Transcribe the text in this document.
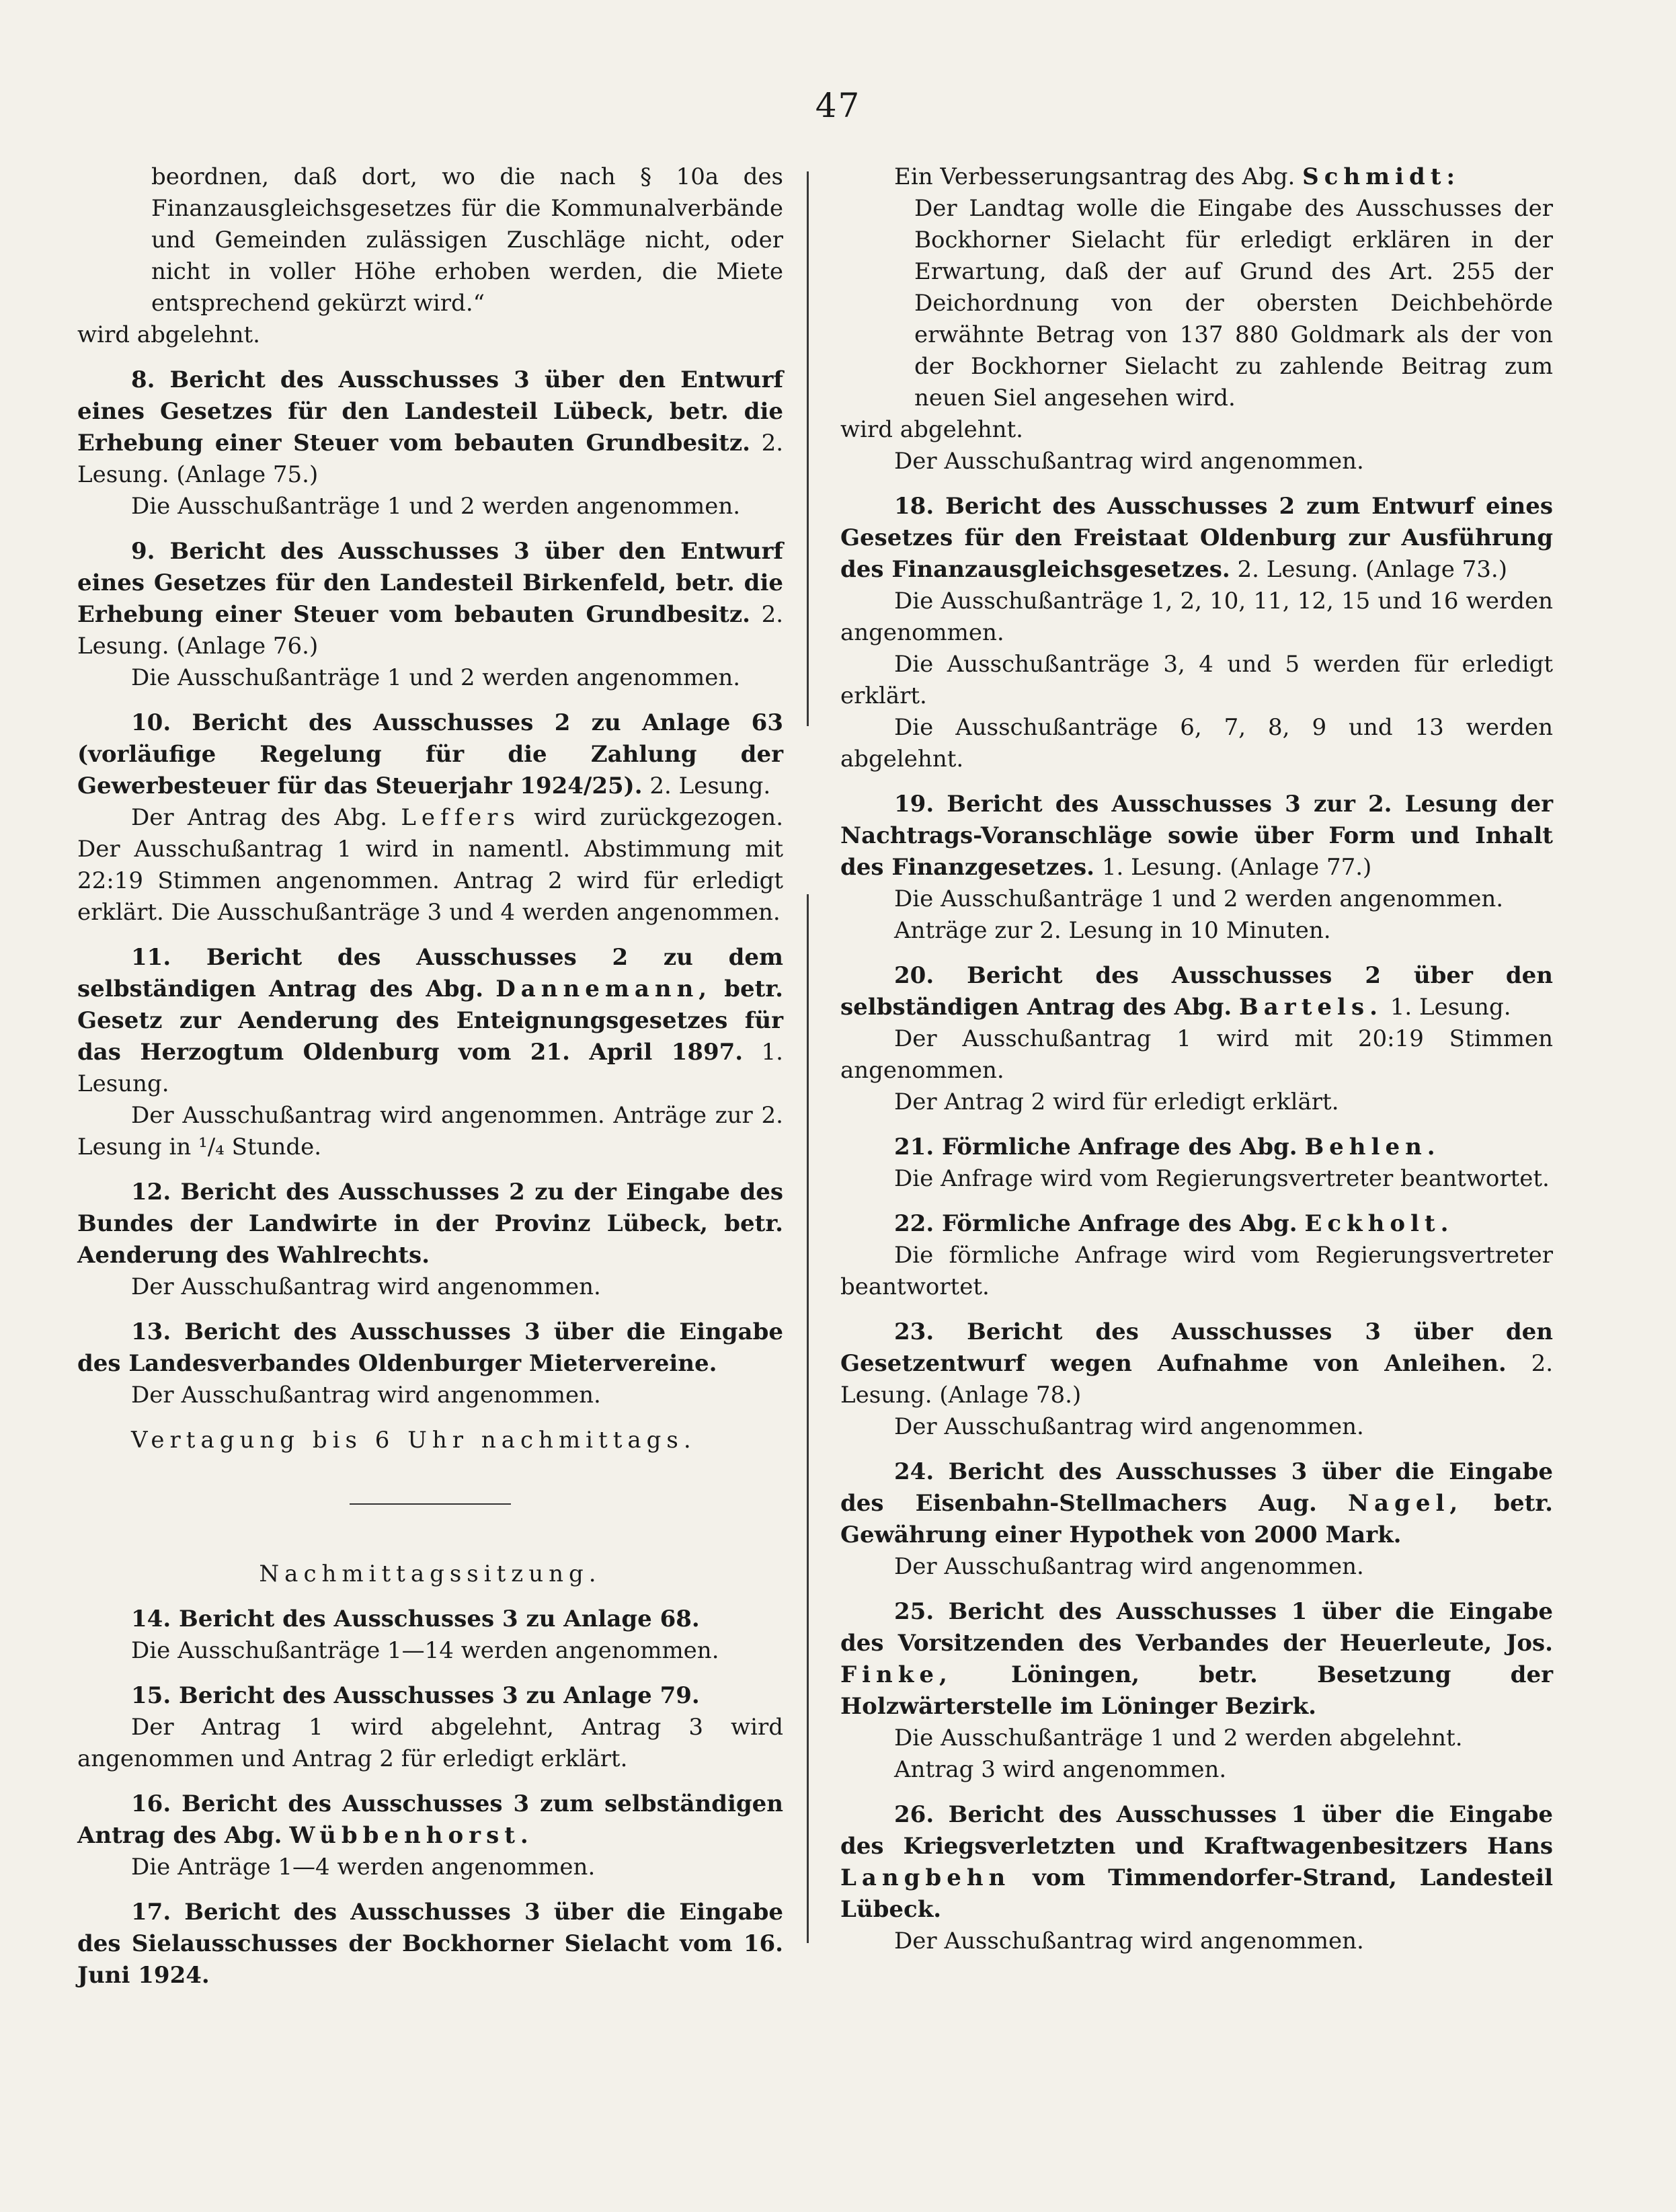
47

beordnen, daß dort, wo die nach § 10a des Finanzausgleichsgesetzes für die Kommunalverbände und Gemeinden zulässigen Zuschläge nicht, oder nicht in voller Höhe erhoben werden, die Miete entsprechend gekürzt wird.“

wird abgelehnt.

8. Bericht des Ausschusses 3 über den Entwurf eines Gesetzes für den Landesteil Lübeck, betr. die Erhebung einer Steuer vom bebauten Grundbesitz. 2. Lesung. (Anlage 75.)

Die Ausschußanträge 1 und 2 werden angenommen.

9. Bericht des Ausschusses 3 über den Entwurf eines Gesetzes für den Landesteil Birkenfeld, betr. die Erhebung einer Steuer vom bebauten Grundbesitz. 2. Lesung. (Anlage 76.)

Die Ausschußanträge 1 und 2 werden angenommen.

10. Bericht des Ausschusses 2 zu Anlage 63 (vorläufige Regelung für die Zahlung der Gewerbesteuer für das Steuerjahr 1924/25). 2. Lesung.

Der Antrag des Abg. Leffers wird zurückgezogen. Der Ausschußantrag 1 wird in namentl. Abstimmung mit 22:19 Stimmen angenommen. Antrag 2 wird für erledigt erklärt. Die Ausschußanträge 3 und 4 werden angenommen.

11. Bericht des Ausschusses 2 zu dem selbständigen Antrag des Abg. Dannemann, betr. Gesetz zur Aenderung des Enteignungsgesetzes für das Herzogtum Oldenburg vom 21. April 1897. 1. Lesung.

Der Ausschußantrag wird angenommen. Anträge zur 2. Lesung in ¹/₄ Stunde.

12. Bericht des Ausschusses 2 zu der Eingabe des Bundes der Landwirte in der Provinz Lübeck, betr. Aenderung des Wahlrechts.

Der Ausschußantrag wird angenommen.

13. Bericht des Ausschusses 3 über die Eingabe des Landesverbandes Oldenburger Mietervereine.

Der Ausschußantrag wird angenommen.

Vertagung bis 6 Uhr nachmittags.

Nachmittagssitzung.

14. Bericht des Ausschusses 3 zu Anlage 68.

Die Ausschußanträge 1—14 werden angenommen.

15. Bericht des Ausschusses 3 zu Anlage 79.

Der Antrag 1 wird abgelehnt, Antrag 3 wird angenommen und Antrag 2 für erledigt erklärt.

16. Bericht des Ausschusses 3 zum selbständigen Antrag des Abg. Wübbenhorst.

Die Anträge 1—4 werden angenommen.

17. Bericht des Ausschusses 3 über die Eingabe des Sielausschusses der Bockhorner Sielacht vom 16. Juni 1924.

Ein Verbesserungsantrag des Abg. Schmidt:

Der Landtag wolle die Eingabe des Ausschusses der Bockhorner Sielacht für erledigt erklären in der Erwartung, daß der auf Grund des Art. 255 der Deichordnung von der obersten Deichbehörde erwähnte Betrag von 137 880 Goldmark als der von der Bockhorner Sielacht zu zahlende Beitrag zum neuen Siel angesehen wird.

wird abgelehnt.

Der Ausschußantrag wird angenommen.

18. Bericht des Ausschusses 2 zum Entwurf eines Gesetzes für den Freistaat Oldenburg zur Ausführung des Finanzausgleichsgesetzes. 2. Lesung. (Anlage 73.)

Die Ausschußanträge 1, 2, 10, 11, 12, 15 und 16 werden angenommen.

Die Ausschußanträge 3, 4 und 5 werden für erledigt erklärt.

Die Ausschußanträge 6, 7, 8, 9 und 13 werden abgelehnt.

19. Bericht des Ausschusses 3 zur 2. Lesung der Nachtrags-Voranschläge sowie über Form und Inhalt des Finanzgesetzes. 1. Lesung. (Anlage 77.)

Die Ausschußanträge 1 und 2 werden angenommen.

Anträge zur 2. Lesung in 10 Minuten.

20. Bericht des Ausschusses 2 über den selbständigen Antrag des Abg. Bartels. 1. Lesung.

Der Ausschußantrag 1 wird mit 20:19 Stimmen angenommen.

Der Antrag 2 wird für erledigt erklärt.

21. Förmliche Anfrage des Abg. Behlen.

Die Anfrage wird vom Regierungsvertreter beantwortet.

22. Förmliche Anfrage des Abg. Eckholt.

Die förmliche Anfrage wird vom Regierungsvertreter beantwortet.

23. Bericht des Ausschusses 3 über den Gesetzentwurf wegen Aufnahme von Anleihen. 2. Lesung. (Anlage 78.)

Der Ausschußantrag wird angenommen.

24. Bericht des Ausschusses 3 über die Eingabe des Eisenbahn-Stellmachers Aug. Nagel, betr. Gewährung einer Hypothek von 2000 Mark.

Der Ausschußantrag wird angenommen.

25. Bericht des Ausschusses 1 über die Eingabe des Vorsitzenden des Verbandes der Heuerleute, Jos. Finke,	Löningen, betr. Besetzung der Holzwärterstelle im Löninger Bezirk.

Die Ausschußanträge 1 und 2 werden abgelehnt.

Antrag 3 wird angenommen.

26. Bericht des Ausschusses 1 über die Eingabe des Kriegsverletzten und Kraftwagenbesitzers Hans Langbehn vom Timmendorfer-Strand, Landesteil Lübeck.

Der Ausschußantrag wird angenommen.
